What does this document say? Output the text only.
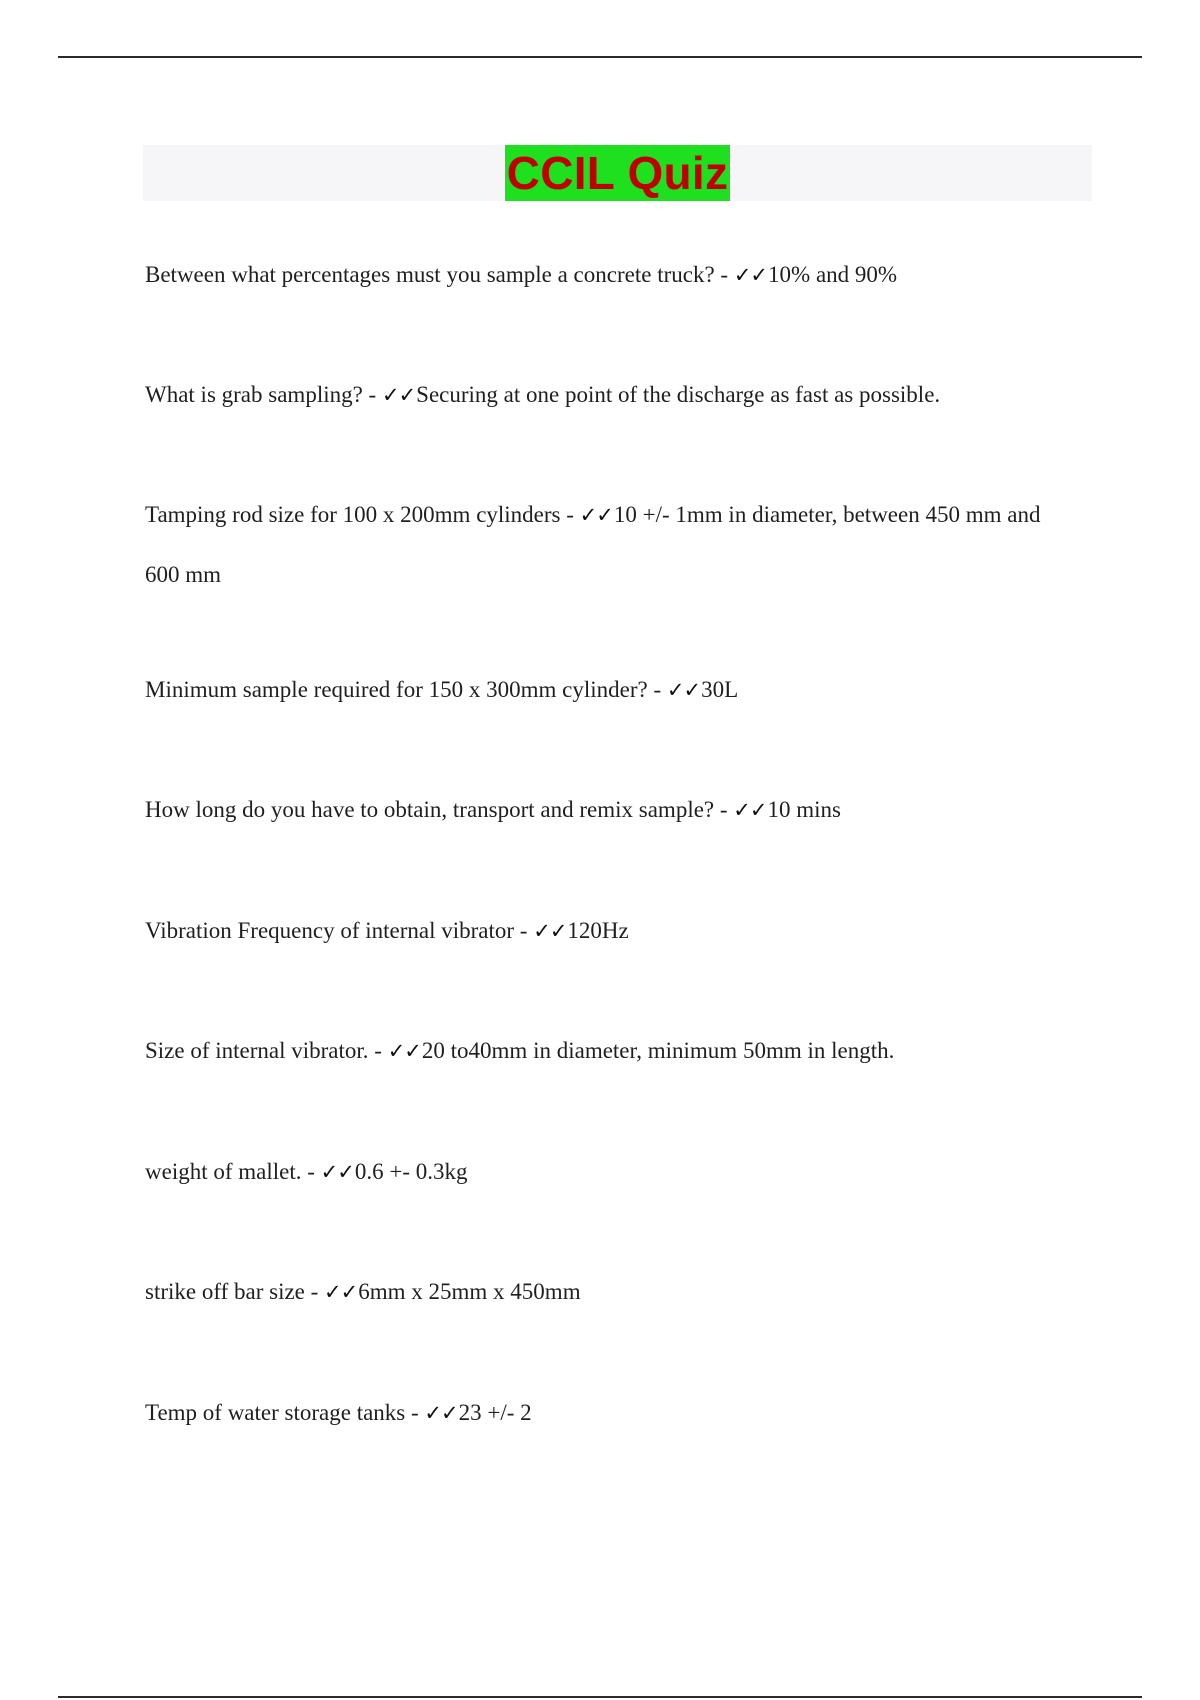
CCIL Quiz

Between what percentages must you sample a concrete truck? - ✓✓10% and 90%

What is grab sampling? - ✓✓Securing at one point of the discharge as fast as possible.

Tamping rod size for 100 x 200mm cylinders - ✓✓10 +/- 1mm in diameter, between 450 mm and 600 mm

Minimum sample required for 150 x 300mm cylinder? - ✓✓30L

How long do you have to obtain, transport and remix sample? - ✓✓10 mins

Vibration Frequency of internal vibrator - ✓✓120Hz

Size of internal vibrator. - ✓✓20 to40mm in diameter, minimum 50mm in length.

weight of mallet. - ✓✓0.6 +- 0.3kg

strike off bar size - ✓✓6mm x 25mm x 450mm

Temp of water storage tanks - ✓✓23 +/- 2
